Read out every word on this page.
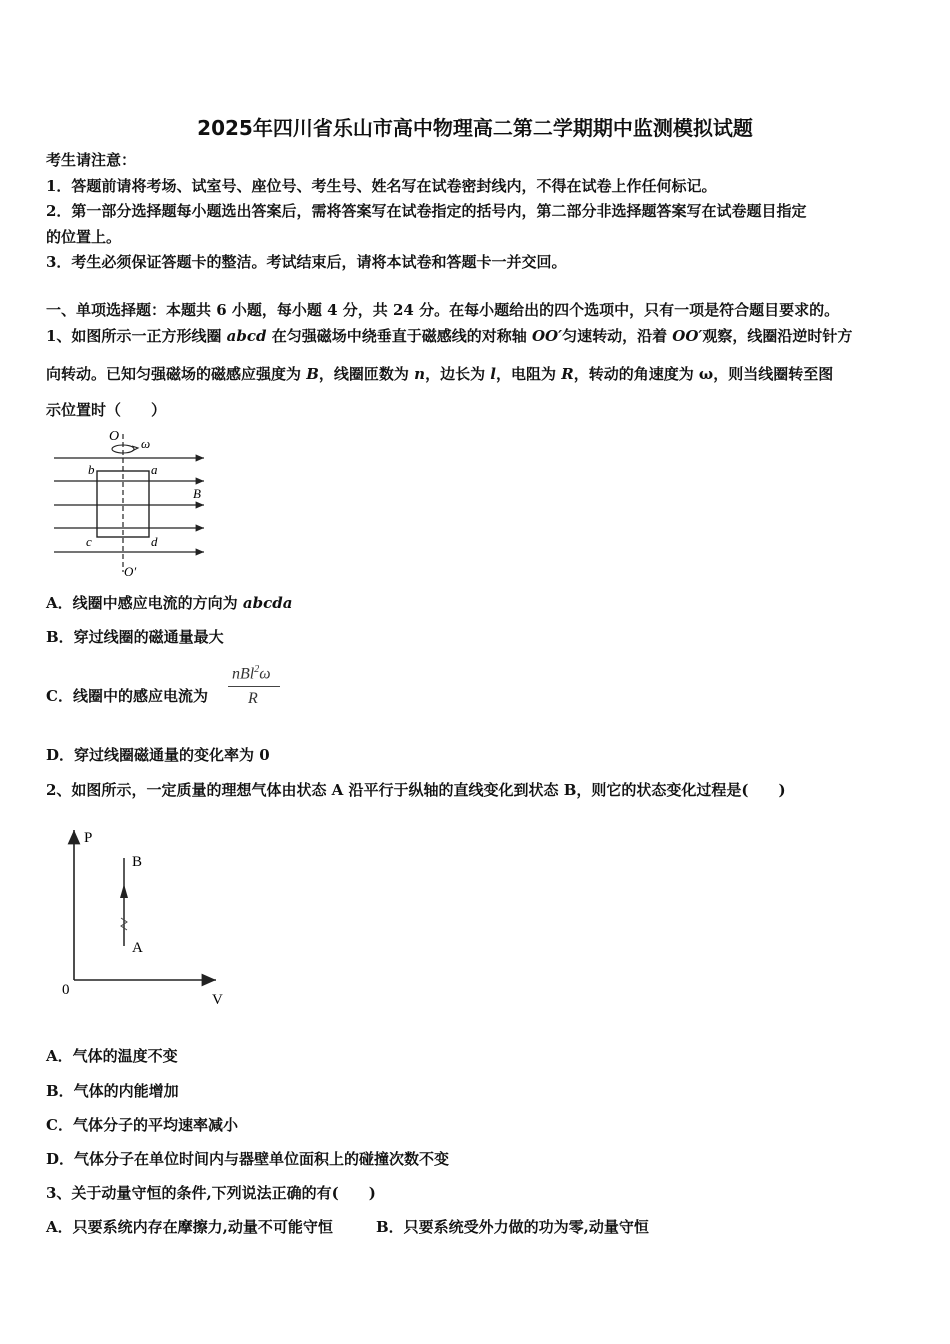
2025年四川省乐山市高中物理高二第二学期期中监测模拟试题
考生请注意：
1．答题前请将考场、试室号、座位号、考生号、姓名写在试卷密封线内，不得在试卷上作任何标记。
2．第一部分选择题每小题选出答案后，需将答案写在试卷指定的括号内，第二部分非选择题答案写在试卷题目指定
的位置上。
3．考生必须保证答题卡的整洁。考试结束后，请将本试卷和答题卡一并交回。
一、单项选择题：本题共 6 小题，每小题 4 分，共 24 分。在每小题给出的四个选项中，只有一项是符合题目要求的。
1、如图所示一正方形线圈 abcd 在匀强磁场中绕垂直于磁感线的对称轴 OO′匀速转动，沿着 OO′观察，线圈沿逆时针方
向转动。已知匀强磁场的磁感应强度为 B，线圈匝数为 n，边长为 l，电阻为 R，转动的角速度为 ω，则当线圈转至图
示位置时（　　）
O ω
b	a
B
c	d
O′
A．线圈中感应电流的方向为 abcda
B．穿过线圈的磁通量最大
C．线圈中的感应电流为
nBl$^2$ω
R
D．穿过线圈磁通量的变化率为 0
2、如图所示，一定质量的理想气体由状态 A 沿平行于纵轴的直线变化到状态 B，则它的状态变化过程是(　　)
P
B
A
0
V
A．气体的温度不变
B．气体的内能增加
C．气体分子的平均速率减小
D．气体分子在单位时间内与器壁单位面积上的碰撞次数不变
3、关于动量守恒的条件,下列说法正确的有(　　)
A．只要系统内存在摩擦力,动量不可能守恒	B．只要系统受外力做的功为零,动量守恒
